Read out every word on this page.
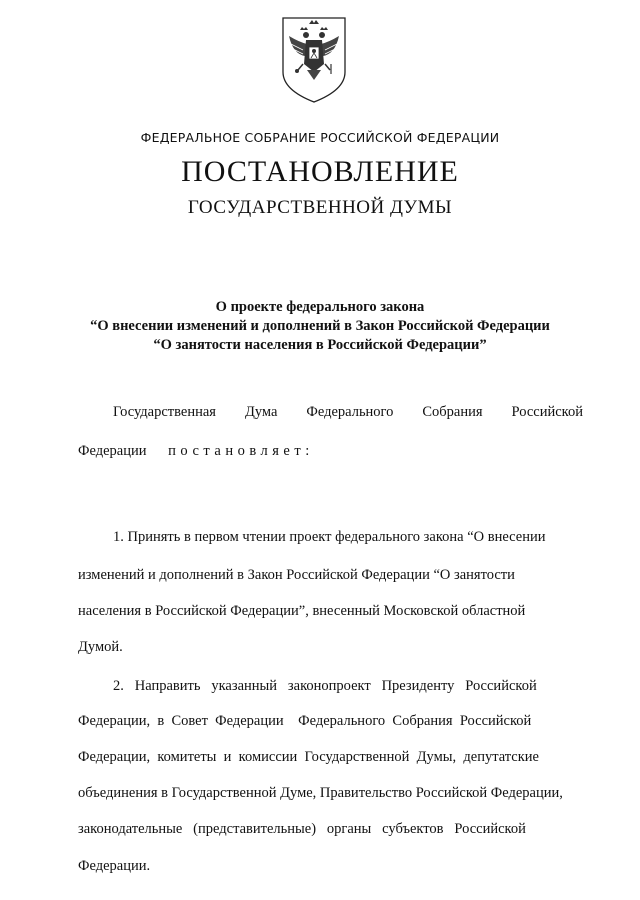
ФЕДЕРАЛЬНОЕ СОБРАНИЕ РОССИЙСКОЙ ФЕДЕРАЦИИ
ПОСТАНОВЛЕНИЕ
ГОСУДАРСТВЕННОЙ ДУМЫ
О проекте федерального закона
“О внесении изменений и дополнений в Закон Российской Федерации
“О занятости населения в Российской Федерации”
Государственная Дума Федерального Собрания Российской
Федерации постановляет:
1. Принять в первом чтении проект федерального закона “О внесении
изменений и дополнений в Закон Российской Федерации “О занятости
населения в Российской Федерации”, внесенный Московской областной
Думой.
2.   Направить   указанный   законопроект   Президенту   Российской
Федерации,  в  Совет  Федерации    Федерального  Собрания  Российской
Федерации,  комитеты  и  комиссии  Государственной  Думы,  депутатские
объединения в Государственной Думе, Правительство Российской Федерации,
законодательные   (представительные)   органы   субъектов   Российской
Федерации.
